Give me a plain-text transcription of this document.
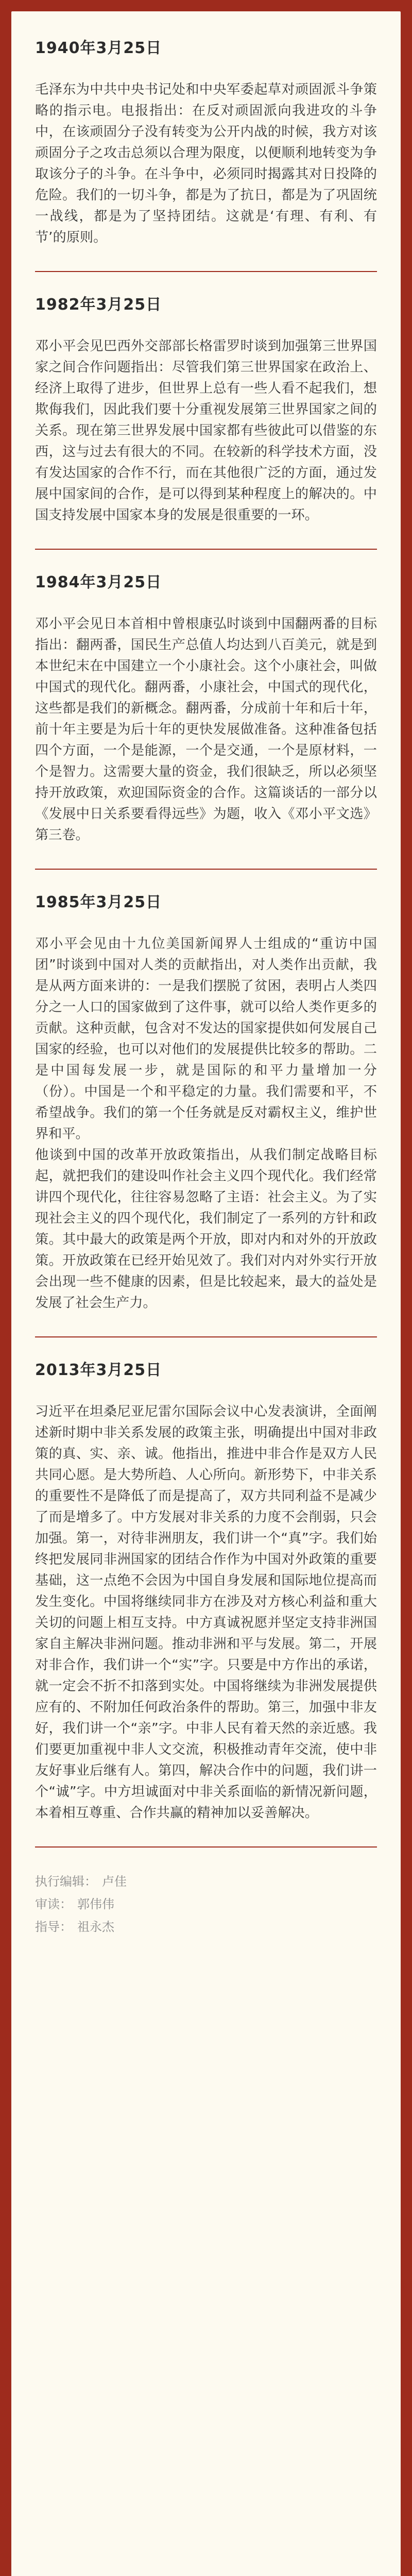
1940年3月25日

毛泽东为中共中央书记处和中央军委起草对顽固派斗争策略的指示电。电报指出：在反对顽固派向我进攻的斗争中，在该顽固分子没有转变为公开内战的时候，我方对该顽固分子之攻击总须以合理为限度，以便顺利地转变为争取该分子的斗争。在斗争中，必须同时揭露其对日投降的危险。我们的一切斗争，都是为了抗日，都是为了巩固统一战线，都是为了坚持团结。这就是‘有理、有利、有节’的原则。

1982年3月25日

邓小平会见巴西外交部部长格雷罗时谈到加强第三世界国家之间合作问题指出：尽管我们第三世界国家在政治上、经济上取得了进步，但世界上总有一些人看不起我们，想欺侮我们，因此我们要十分重视发展第三世界国家之间的关系。现在第三世界发展中国家都有些彼此可以借鉴的东西，这与过去有很大的不同。在较新的科学技术方面，没有发达国家的合作不行，而在其他很广泛的方面，通过发展中国家间的合作，是可以得到某种程度上的解决的。中国支持发展中国家本身的发展是很重要的一环。

1984年3月25日

邓小平会见日本首相中曾根康弘时谈到中国翻两番的目标指出：翻两番，国民生产总值人均达到八百美元，就是到本世纪末在中国建立一个小康社会。这个小康社会，叫做中国式的现代化。翻两番，小康社会，中国式的现代化，这些都是我们的新概念。翻两番，分成前十年和后十年，前十年主要是为后十年的更快发展做准备。这种准备包括四个方面，一个是能源，一个是交通，一个是原材料，一个是智力。这需要大量的资金，我们很缺乏，所以必须坚持开放政策，欢迎国际资金的合作。这篇谈话的一部分以《发展中日关系要看得远些》为题，收入《邓小平文选》第三卷。

1985年3月25日

邓小平会见由十九位美国新闻界人士组成的“重访中国团”时谈到中国对人类的贡献指出，对人类作出贡献，我是从两方面来讲的：一是我们摆脱了贫困，表明占人类四分之一人口的国家做到了这件事，就可以给人类作更多的贡献。这种贡献，包含对不发达的国家提供如何发展自己国家的经验，也可以对他们的发展提供比较多的帮助。二是中国每发展一步，就是国际的和平力量增加一分（份）。中国是一个和平稳定的力量。我们需要和平，不希望战争。我们的第一个任务就是反对霸权主义，维护世界和平。
他谈到中国的改革开放政策指出，从我们制定战略目标起，就把我们的建设叫作社会主义四个现代化。我们经常讲四个现代化，往往容易忽略了主语：社会主义。为了实现社会主义的四个现代化，我们制定了一系列的方针和政策。其中最大的政策是两个开放，即对内和对外的开放政策。开放政策在已经开始见效了。我们对内对外实行开放会出现一些不健康的因素，但是比较起来，最大的益处是发展了社会生产力。

2013年3月25日

习近平在坦桑尼亚尼雷尔国际会议中心发表演讲，全面阐述新时期中非关系发展的政策主张，明确提出中国对非政策的真、实、亲、诚。他指出，推进中非合作是双方人民共同心愿。是大势所趋、人心所向。新形势下，中非关系的重要性不是降低了而是提高了，双方共同利益不是减少了而是增多了。中方发展对非关系的力度不会削弱，只会加强。第一，对待非洲朋友，我们讲一个“真”字。我们始终把发展同非洲国家的团结合作作为中国对外政策的重要基础，这一点绝不会因为中国自身发展和国际地位提高而发生变化。中国将继续同非方在涉及对方核心利益和重大关切的问题上相互支持。中方真诚祝愿并坚定支持非洲国家自主解决非洲问题。推动非洲和平与发展。第二，开展对非合作，我们讲一个“实”字。只要是中方作出的承诺，就一定会不折不扣落到实处。中国将继续为非洲发展提供应有的、不附加任何政治条件的帮助。第三，加强中非友好，我们讲一个“亲”字。中非人民有着天然的亲近感。我们要更加重视中非人文交流，积极推动青年交流，使中非友好事业后继有人。第四，解决合作中的问题，我们讲一个“诚”字。中方坦诚面对中非关系面临的新情况新问题，本着相互尊重、合作共赢的精神加以妥善解决。

执行编辑： 卢佳
审读： 郭伟伟
指导： 祖永杰
